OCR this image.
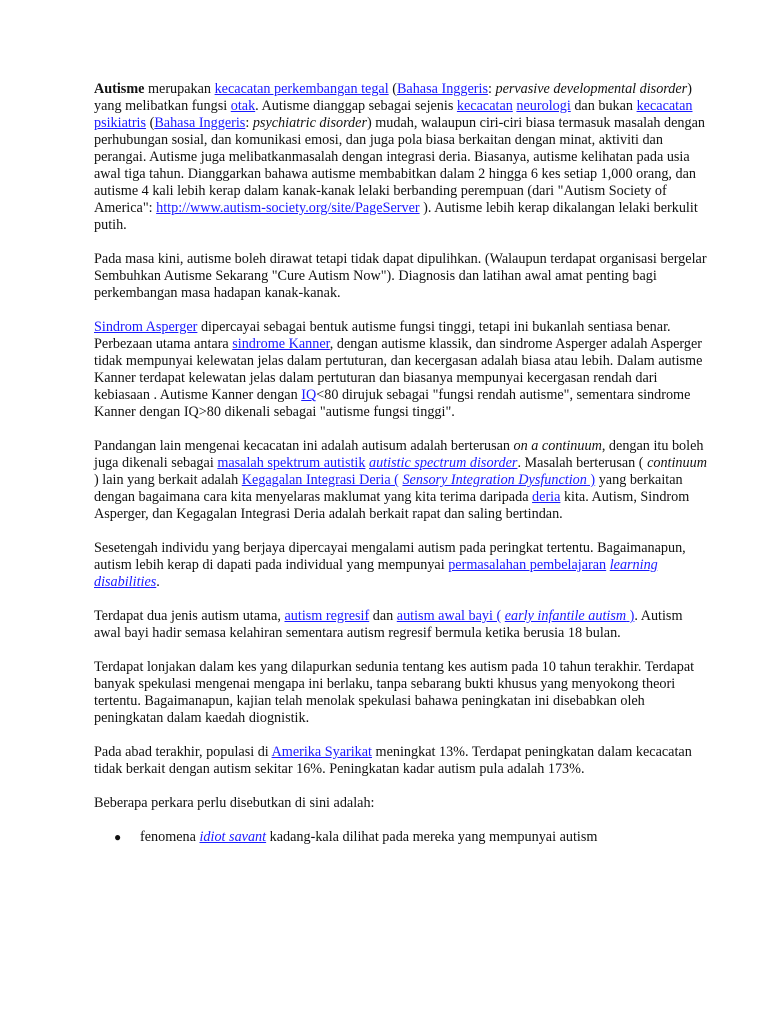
Autisme merupakan kecacatan perkembangan tegal (Bahasa Inggeris: pervasive developmental disorder) yang melibatkan fungsi otak. Autisme dianggap sebagai sejenis kecacatan neurologi dan bukan kecacatan psikiatris (Bahasa Inggeris: psychiatric disorder) mudah, walaupun ciri-ciri biasa termasuk masalah dengan perhubungan sosial, dan komunikasi emosi, dan juga pola biasa berkaitan dengan minat, aktiviti dan perangai. Autisme juga melibatkanmasalah dengan integrasi deria. Biasanya, autisme kelihatan pada usia awal tiga tahun. Dianggarkan bahawa autisme membabitkan dalam 2 hingga 6 kes setiap 1,000 orang, dan autisme 4 kali lebih kerap dalam kanak-kanak lelaki berbanding perempuan (dari "Autism Society of America": http://www.autism-society.org/site/PageServer ). Autisme lebih kerap dikalangan lelaki berkulit putih.

Pada masa kini, autisme boleh dirawat tetapi tidak dapat dipulihkan. (Walaupun terdapat organisasi bergelar Sembuhkan Autisme Sekarang "Cure Autism Now"). Diagnosis dan latihan awal amat penting bagi perkembangan masa hadapan kanak-kanak.

Sindrom Asperger dipercayai sebagai bentuk autisme fungsi tinggi, tetapi ini bukanlah sentiasa benar. Perbezaan utama antara sindrome Kanner, dengan autisme klassik, dan sindrome Asperger adalah Asperger tidak mempunyai kelewatan jelas dalam pertuturan, dan kecergasan adalah biasa atau lebih. Dalam autisme Kanner terdapat kelewatan jelas dalam pertuturan dan biasanya mempunyai kecergasan rendah dari kebiasaan . Autisme Kanner dengan IQ<80 dirujuk sebagai "fungsi rendah autisme", sementara sindrome Kanner dengan IQ>80 dikenali sebagai "autisme fungsi tinggi".

Pandangan lain mengenai kecacatan ini adalah autisum adalah berterusan on a continuum, dengan itu boleh juga dikenali sebagai masalah spektrum autistik autistic spectrum disorder. Masalah berterusan ( continuum ) lain yang berkait adalah Kegagalan Integrasi Deria ( Sensory Integration Dysfunction ) yang berkaitan dengan bagaimana cara kita menyelaras maklumat yang kita terima daripada deria kita. Autism, Sindrom Asperger, dan Kegagalan Integrasi Deria adalah berkait rapat dan saling bertindan.

Sesetengah individu yang berjaya dipercayai mengalami autism pada peringkat tertentu. Bagaimanapun, autism lebih kerap di dapati pada individual yang mempunyai permasalahan pembelajaran learning disabilities.

Terdapat dua jenis autism utama, autism regresif dan autism awal bayi ( early infantile autism ). Autism awal bayi hadir semasa kelahiran sementara autism regresif bermula ketika berusia 18 bulan.

Terdapat lonjakan dalam kes yang dilapurkan sedunia tentang kes autism pada 10 tahun terakhir. Terdapat banyak spekulasi mengenai mengapa ini berlaku, tanpa sebarang bukti khusus yang menyokong theori tertentu. Bagaimanapun, kajian telah menolak spekulasi bahawa peningkatan ini disebabkan oleh peningkatan dalam kaedah diognistik.

Pada abad terakhir, populasi di Amerika Syarikat meningkat 13%. Terdapat peningkatan dalam kecacatan tidak berkait dengan autism sekitar 16%. Peningkatan kadar autism pula adalah 173%.

Beberapa perkara perlu disebutkan di sini adalah:

● fenomena idiot savant kadang-kala dilihat pada mereka yang mempunyai autism
